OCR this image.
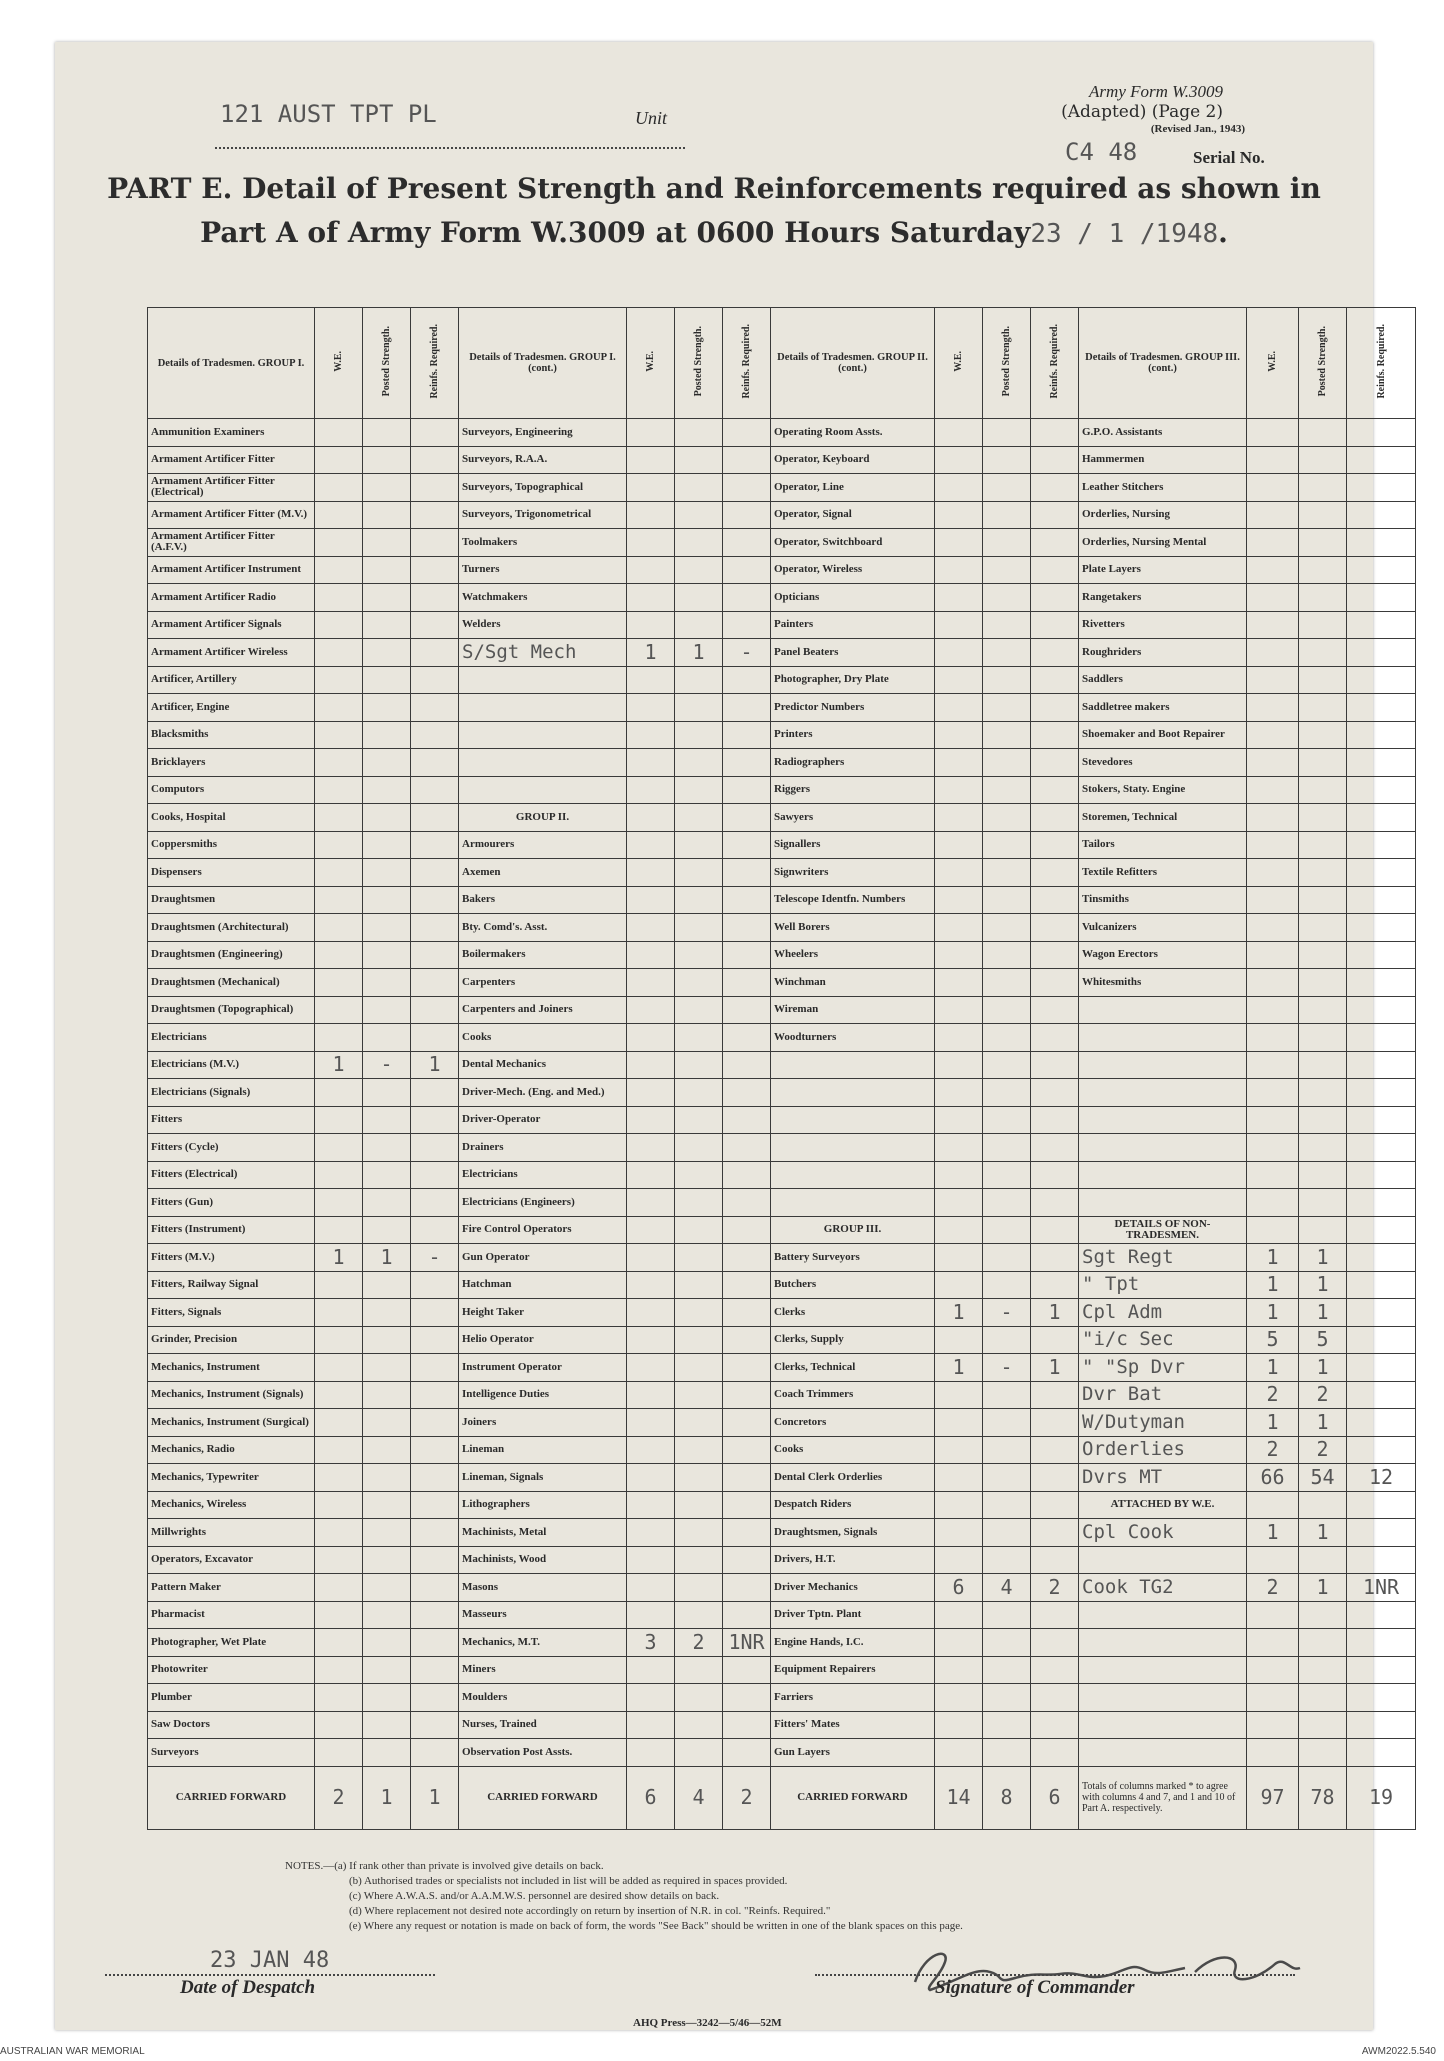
121 AUST TPT PL	Unit
Army Form W.3009
(Adapted) (Page 2)
(Revised Jan., 1943)
C4 48	Serial No.
PART E. Detail of Present Strength and Reinforcements required as shown in
Part A of Army Form W.3009 at 0600 Hours Saturday23 / 1 /1948.
Details of Tradesmen. GROUP I.	W.E.	Posted Strength.	Reinfs. Required.	Details of Tradesmen. GROUP I. (cont.)	W.E.	Posted Strength.	Reinfs. Required.	Details of Tradesmen. GROUP II. (cont.)	W.E.	Posted Strength.	Reinfs. Required.	Details of Tradesmen. GROUP III. (cont.)	W.E.	Posted Strength.	Reinfs. Required.
Ammunition Examiners				Surveyors, Engineering				Operating Room Assts.				G.P.O. Assistants			
Armament Artificer Fitter				Surveyors, R.A.A.				Operator, Keyboard				Hammermen			
Armament Artificer Fitter (Electrical)				Surveyors, Topographical				Operator, Line				Leather Stitchers			
Armament Artificer Fitter (M.V.)				Surveyors, Trigonometrical				Operator, Signal				Orderlies, Nursing			
Armament Artificer Fitter (A.F.V.)				Toolmakers				Operator, Switchboard				Orderlies, Nursing Mental			
Armament Artificer Instrument				Turners				Operator, Wireless				Plate Layers			
Armament Artificer Radio				Watchmakers				Opticians				Rangetakers			
Armament Artificer Signals				Welders				Painters				Rivetters			
Armament Artificer Wireless				S/Sgt Mech	1	1	-	Panel Beaters				Roughriders			
Artificer, Artillery								Photographer, Dry Plate				Saddlers			
Artificer, Engine								Predictor Numbers				Saddletree makers			
Blacksmiths								Printers				Shoemaker and Boot Repairer			
Bricklayers								Radiographers				Stevedores			
Computors								Riggers				Stokers, Staty. Engine			
Cooks, Hospital				GROUP II.				Sawyers				Storemen, Technical			
Coppersmiths				Armourers				Signallers				Tailors			
Dispensers				Axemen				Signwriters				Textile Refitters			
Draughtsmen				Bakers				Telescope Identfn. Numbers				Tinsmiths			
Draughtsmen (Architectural)				Bty. Comd's. Asst.				Well Borers				Vulcanizers			
Draughtsmen (Engineering)				Boilermakers				Wheelers				Wagon Erectors			
Draughtsmen (Mechanical)				Carpenters				Winchman				Whitesmiths			
Draughtsmen (Topographical)				Carpenters and Joiners				Wireman							
Electricians				Cooks				Woodturners							
Electricians (M.V.)	1	-	1	Dental Mechanics											
Electricians (Signals)				Driver-Mech. (Eng. and Med.)											
Fitters				Driver-Operator											
Fitters (Cycle)				Drainers											
Fitters (Electrical)				Electricians											
Fitters (Gun)				Electricians (Engineers)											
Fitters (Instrument)				Fire Control Operators				GROUP III.				DETAILS OF NON-TRADESMEN.			
Fitters (M.V.)	1	1	-	Gun Operator				Battery Surveyors				Sgt Regt	1	1	
Fitters, Railway Signal				Hatchman				Butchers				" Tpt	1	1	
Fitters, Signals				Height Taker				Clerks	1	-	1	Cpl Adm	1	1	
Grinder, Precision				Helio Operator				Clerks, Supply				"i/c Sec	5	5	
Mechanics, Instrument				Instrument Operator				Clerks, Technical	1	-	1	" "Sp Dvr	1	1	
Mechanics, Instrument (Signals)				Intelligence Duties				Coach Trimmers				Dvr Bat	2	2	
Mechanics, Instrument (Surgical)				Joiners				Concretors				W/Dutyman	1	1	
Mechanics, Radio				Lineman				Cooks				Orderlies	2	2	
Mechanics, Typewriter				Lineman, Signals				Dental Clerk Orderlies				Dvrs MT	66	54	12
Mechanics, Wireless				Lithographers				Despatch Riders				ATTACHED BY W.E.			
Millwrights				Machinists, Metal				Draughtsmen, Signals				Cpl Cook	1	1	
Operators, Excavator				Machinists, Wood				Drivers, H.T.							
Pattern Maker				Masons				Driver Mechanics	6	4	2	Cook TG2	2	1	1NR
Pharmacist				Masseurs				Driver Tptn. Plant							
Photographer, Wet Plate				Mechanics, M.T.	3	2	1NR	Engine Hands, I.C.							
Photowriter				Miners				Equipment Repairers							
Plumber				Moulders				Farriers							
Saw Doctors				Nurses, Trained				Fitters' Mates							
Surveyors				Observation Post Assts.				Gun Layers							
CARRIED FORWARD	2	1	1	CARRIED FORWARD	6	4	2	CARRIED FORWARD	14	8	6	Totals of columns marked * to agree with columns 4 and 7, and 1 and 10 of Part A. respectively.	97	78	19
NOTES.—(a) If rank other than private is involved give details on back.
(b) Authorised trades or specialists not included in list will be added as required in spaces provided.
(c) Where A.W.A.S. and/or A.A.M.W.S. personnel are desired show details on back.
(d) Where replacement not desired note accordingly on return by insertion of N.R. in col. "Reinfs. Required."
(e) Where any request or notation is made on back of form, the words "See Back" should be written in one of the blank spaces on this page.
23 JAN 48
Date of Despatch	Signature of Commander
AHQ Press—3242—5/46—52M
AUSTRALIAN WAR MEMORIAL	AWM2022.5.540
